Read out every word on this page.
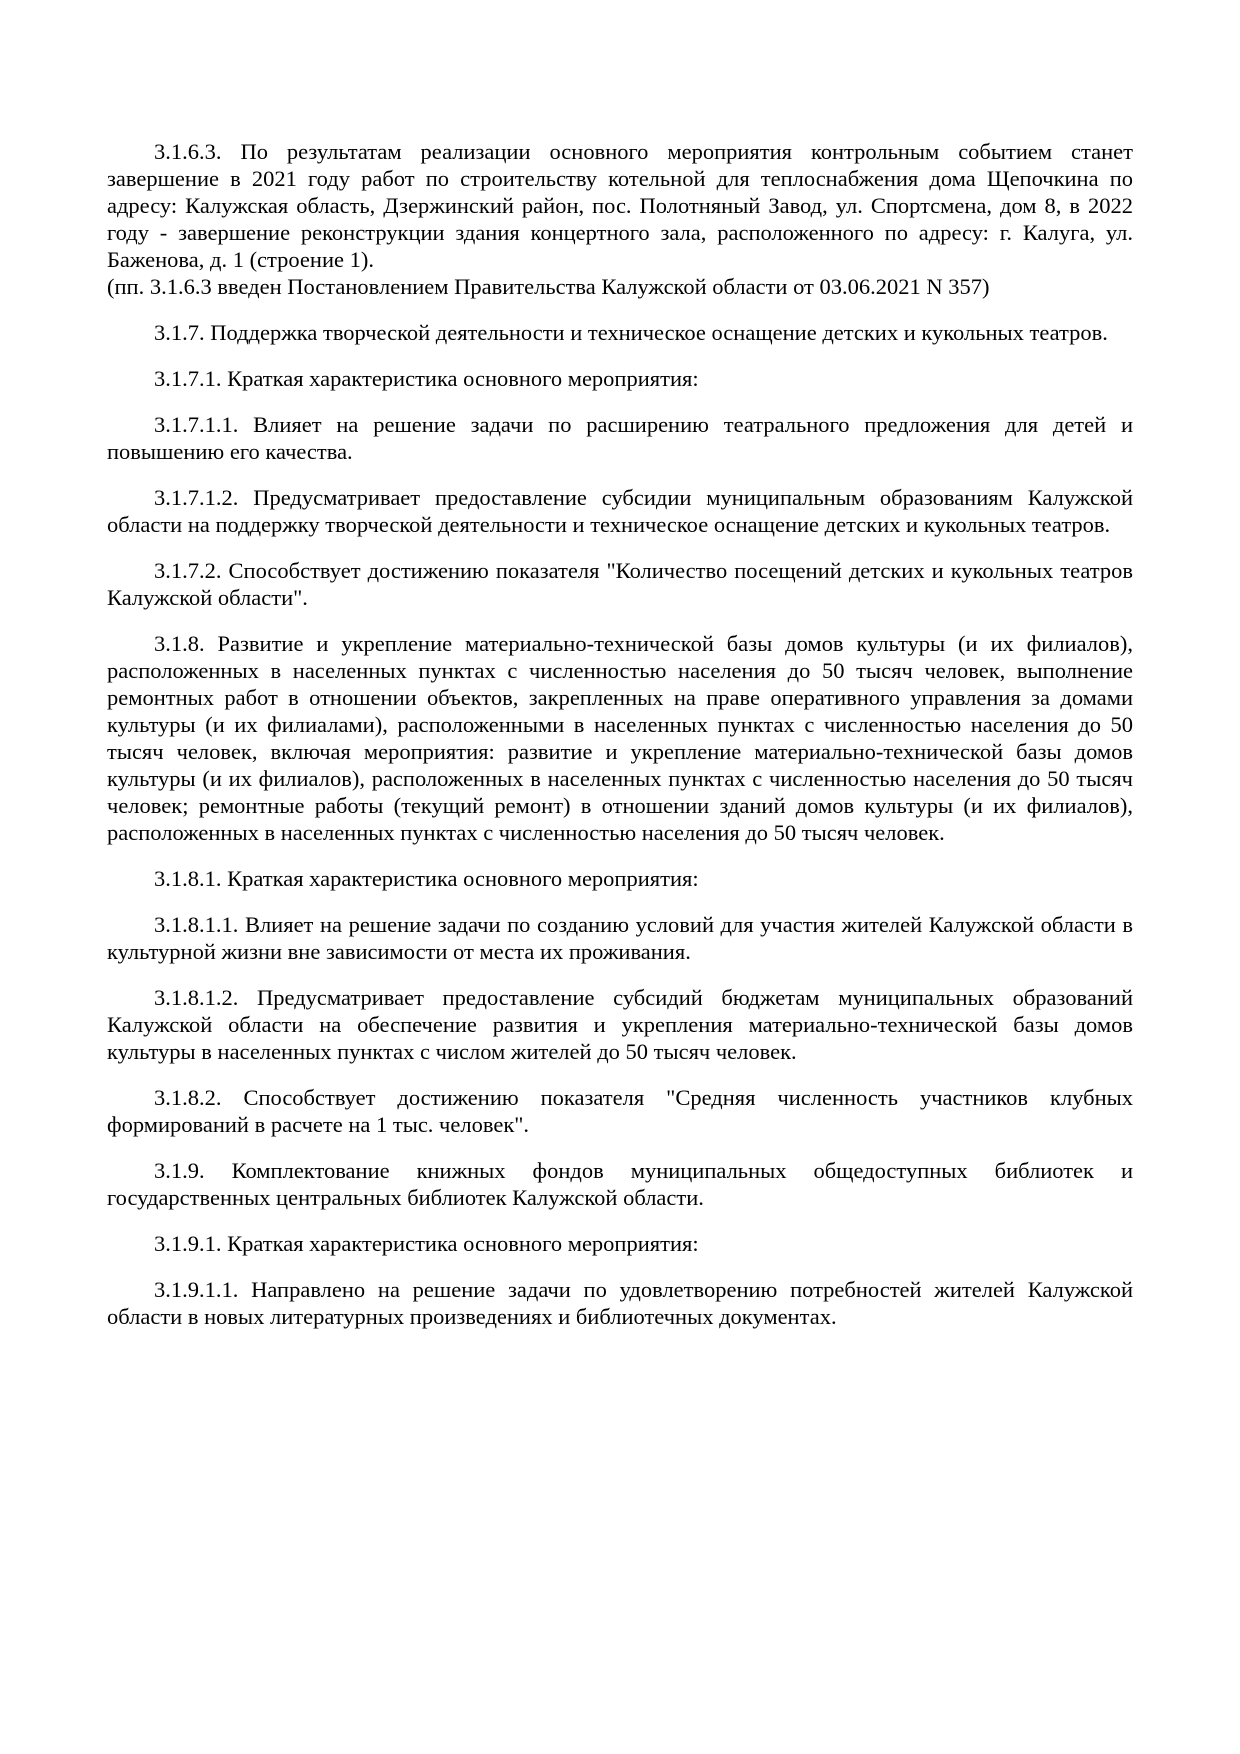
3.1.6.3. По результатам реализации основного мероприятия контрольным событием станет завершение в 2021 году работ по строительству котельной для теплоснабжения дома Щепочкина по адресу: Калужская область, Дзержинский район, пос. Полотняный Завод, ул. Спортсмена, дом 8, в 2022 году - завершение реконструкции здания концертного зала, расположенного по адресу: г. Калуга, ул. Баженова, д. 1 (строение 1).

(пп. 3.1.6.3 введен Постановлением Правительства Калужской области от 03.06.2021 N 357)

3.1.7. Поддержка творческой деятельности и техническое оснащение детских и кукольных театров.

3.1.7.1. Краткая характеристика основного мероприятия:

3.1.7.1.1. Влияет на решение задачи по расширению театрального предложения для детей и повышению его качества.

3.1.7.1.2. Предусматривает предоставление субсидии муниципальным образованиям Калужской области на поддержку творческой деятельности и техническое оснащение детских и кукольных театров.

3.1.7.2. Способствует достижению показателя "Количество посещений детских и кукольных театров Калужской области".

3.1.8. Развитие и укрепление материально-технической базы домов культуры (и их филиалов), расположенных в населенных пунктах с численностью населения до 50 тысяч человек, выполнение ремонтных работ в отношении объектов, закрепленных на праве оперативного управления за домами культуры (и их филиалами), расположенными в населенных пунктах с численностью населения до 50 тысяч человек, включая мероприятия: развитие и укрепление материально-технической базы домов культуры (и их филиалов), расположенных в населенных пунктах с численностью населения до 50 тысяч человек; ремонтные работы (текущий ремонт) в отношении зданий домов культуры (и их филиалов), расположенных в населенных пунктах с численностью населения до 50 тысяч человек.

3.1.8.1. Краткая характеристика основного мероприятия:

3.1.8.1.1. Влияет на решение задачи по созданию условий для участия жителей Калужской области в культурной жизни вне зависимости от места их проживания.

3.1.8.1.2. Предусматривает предоставление субсидий бюджетам муниципальных образований Калужской области на обеспечение развития и укрепления материально-технической базы домов культуры в населенных пунктах с числом жителей до 50 тысяч человек.

3.1.8.2. Способствует достижению показателя "Средняя численность участников клубных формирований в расчете на 1 тыс. человек".

3.1.9. Комплектование книжных фондов муниципальных общедоступных библиотек и государственных центральных библиотек Калужской области.

3.1.9.1. Краткая характеристика основного мероприятия:

3.1.9.1.1. Направлено на решение задачи по удовлетворению потребностей жителей Калужской области в новых литературных произведениях и библиотечных документах.
